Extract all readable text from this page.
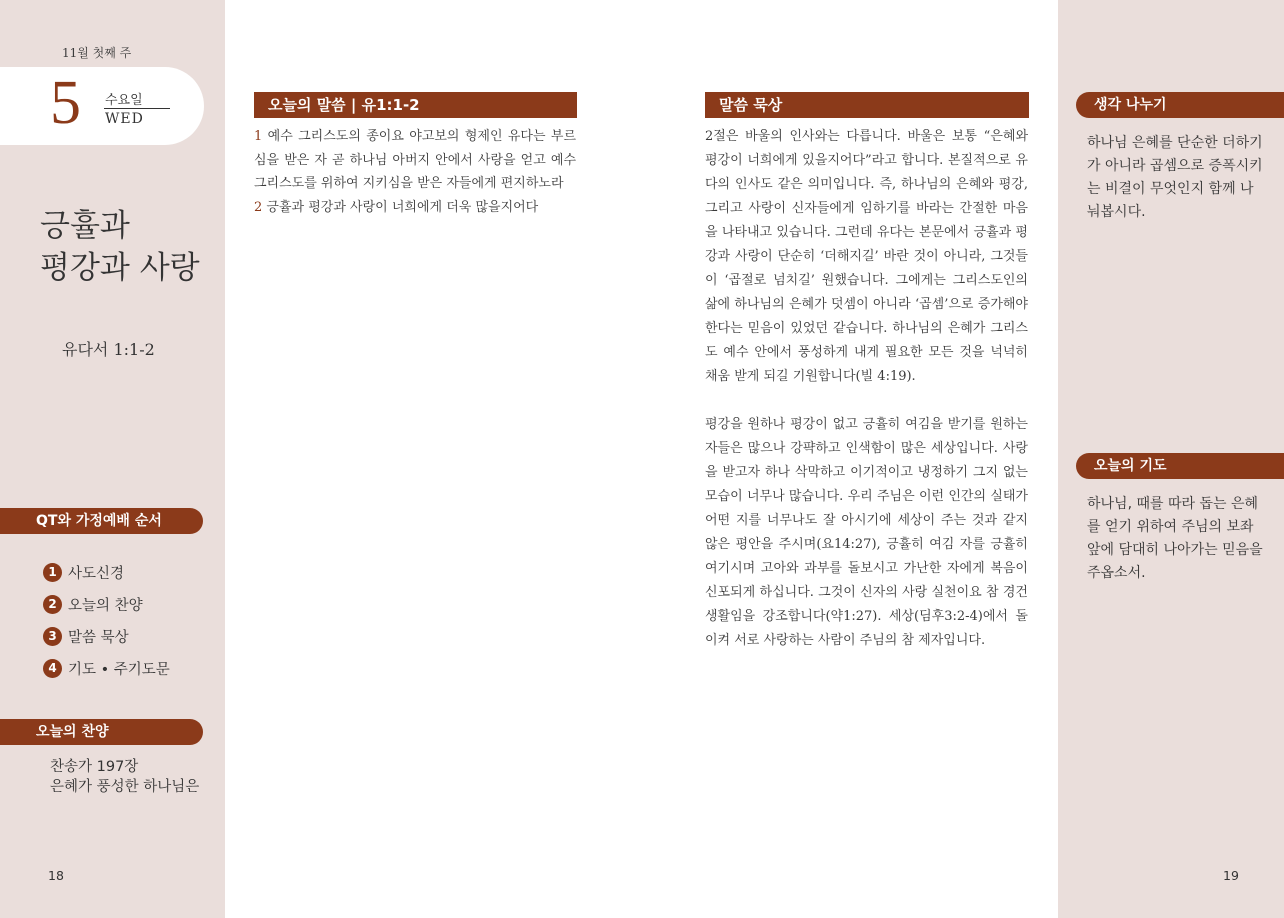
11월 첫째 주
5 수요일
WED
긍휼과
평강과 사랑
유다서 1:1-2
QT와 가정예배 순서
1 사도신경
2 오늘의 찬양
3 말씀 묵상
4 기도 • 주기도문
오늘의 찬양
찬송가 197장
은혜가 풍성한 하나님은
18
오늘의 말씀 | 유1:1-2
1 예수 그리스도의 종이요 야고보의 형제인 유다는 부르심을 받은 자 곧 하나님 아버지 안에서 사랑을 얻고 예수 그리스도를 위하여 지키심을 받은 자들에게 편지하노라
2 긍휼과 평강과 사랑이 너희에게 더욱 많을지어다
말씀 묵상

2절은 바울의 인사와는 다릅니다. 바울은 보통 “은혜와 평강이 너희에게 있을지어다”라고 합니다. 본질적으로 유다의 인사도 같은 의미입니다. 즉, 하나님의 은혜와 평강, 그리고 사랑이 신자들에게 임하기를 바라는 간절한 마음을 나타내고 있습니다. 그런데 유다는 본문에서 긍휼과 평강과 사랑이 단순히 ‘더해지길’ 바란 것이 아니라, 그것들이 ‘곱절로 넘치길’ 원했습니다. 그에게는 그리스도인의 삶에 하나님의 은혜가 덧셈이 아니라 ‘곱셈’으로 증가해야 한다는 믿음이 있었던 같습니다. 하나님의 은혜가 그리스도 예수 안에서 풍성하게 내게 필요한 모든 것을 넉넉히 채움 받게 되길 기원합니다(빌 4:19).

평강을 원하나 평강이 없고 긍휼히 여김을 받기를 원하는 자들은 많으나 강퍅하고 인색함이 많은 세상입니다. 사랑을 받고자 하나 삭막하고 이기적이고 냉정하기 그지 없는 모습이 너무나 많습니다. 우리 주님은 이런 인간의 실태가 어떤 지를 너무나도 잘 아시기에 세상이 주는 것과 같지 않은 평안을 주시며(요14:27), 긍휼히 여김 자를 긍휼히 여기시며 고아와 과부를 돌보시고 가난한 자에게 복음이 신포되게 하십니다. 그것이 신자의 사랑 실천이요 참 경건생활임을 강조합니다(약1:27). 세상(딤후3:2-4)에서 돌이켜 서로 사랑하는 사람이 주님의 참 제자입니다.

생각 나누기
하나님 은혜를 단순한 더하기가 아니라 곱셈으로 증폭시키는 비결이 무엇인지 함께 나눠봅시다.
오늘의 기도
하나님, 때를 따라 돕는 은혜를 얻기 위하여 주님의 보좌 앞에 담대히 나아가는 믿음을 주옵소서.
19
